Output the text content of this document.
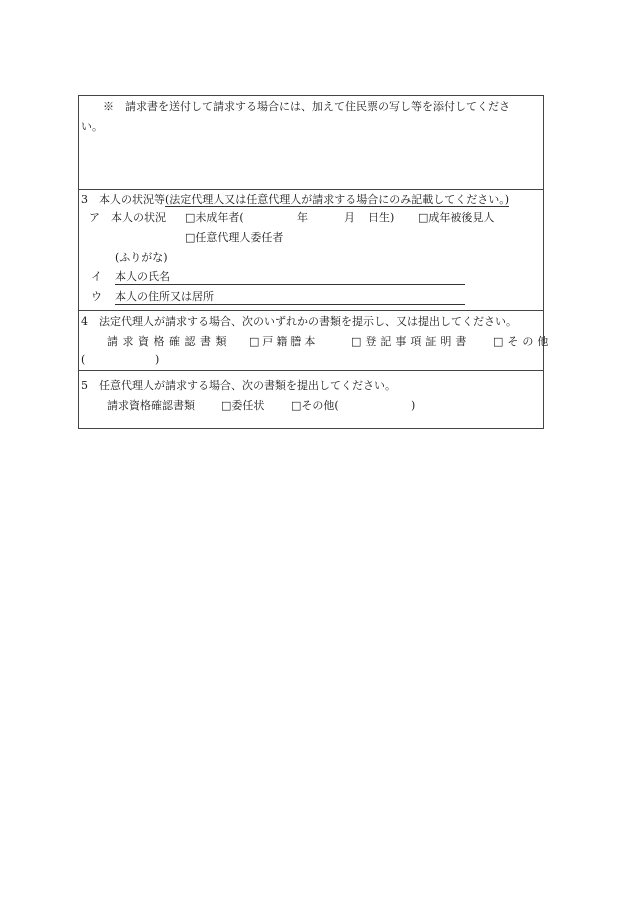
※　請求書を送付して請求する場合には、加えて住民票の写し等を添付してくださ
い。
3　本人の状況等(法定代理人又は任意代理人が請求する場合にのみ記載してください。)
ア　本人の状況 □未成年者(	年	月 日生) □成年被後見人
□任意代理人委任者
(ふりがな)
イ 本人の氏名
ウ 本人の住所又は居所
4　法定代理人が請求する場合、次のいずれかの書類を提示し、又は提出してください。
請求資格確認書類 □戸籍謄本	□登記事項証明書 □その他
(	)
5　任意代理人が請求する場合、次の書類を提出してください。
請求資格確認書類 □委任状 □その他(	)
